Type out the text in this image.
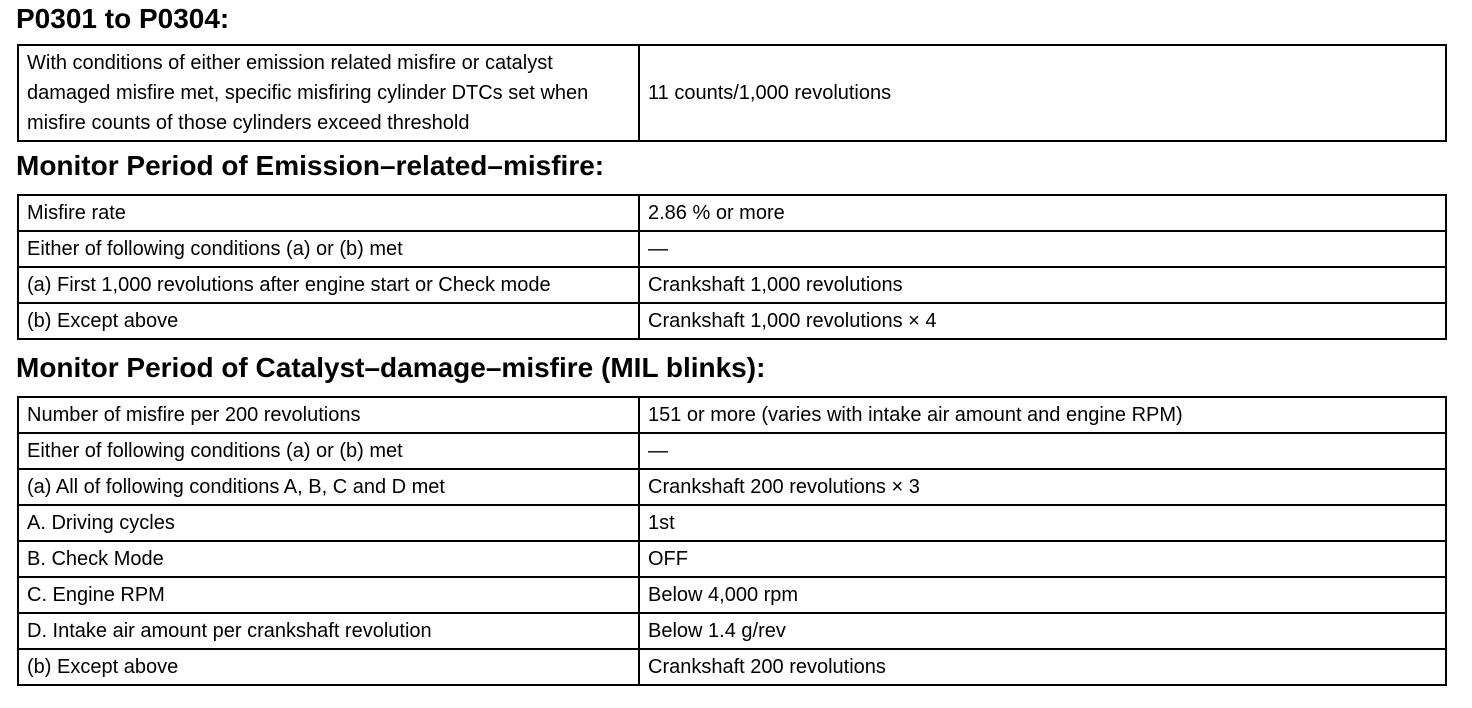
P0301 to P0304:
With conditions of either emission related misfire or catalyst damaged misfire met, specific misfiring cylinder DTCs set when misfire counts of those cylinders exceed threshold	11 counts/1,000 revolutions
Monitor Period of Emission–related–misfire:
Misfire rate	2.86 % or more
Either of following conditions (a) or (b) met	—
(a) First 1,000 revolutions after engine start or Check mode	Crankshaft 1,000 revolutions
(b) Except above	Crankshaft 1,000 revolutions × 4
Monitor Period of Catalyst–damage–misfire (MIL blinks):
Number of misfire per 200 revolutions	151 or more (varies with intake air amount and engine RPM)
Either of following conditions (a) or (b) met	—
(a) All of following conditions A, B, C and D met	Crankshaft 200 revolutions × 3
A. Driving cycles	1st
B. Check Mode	OFF
C. Engine RPM	Below 4,000 rpm
D. Intake air amount per crankshaft revolution	Below 1.4 g/rev
(b) Except above	Crankshaft 200 revolutions
